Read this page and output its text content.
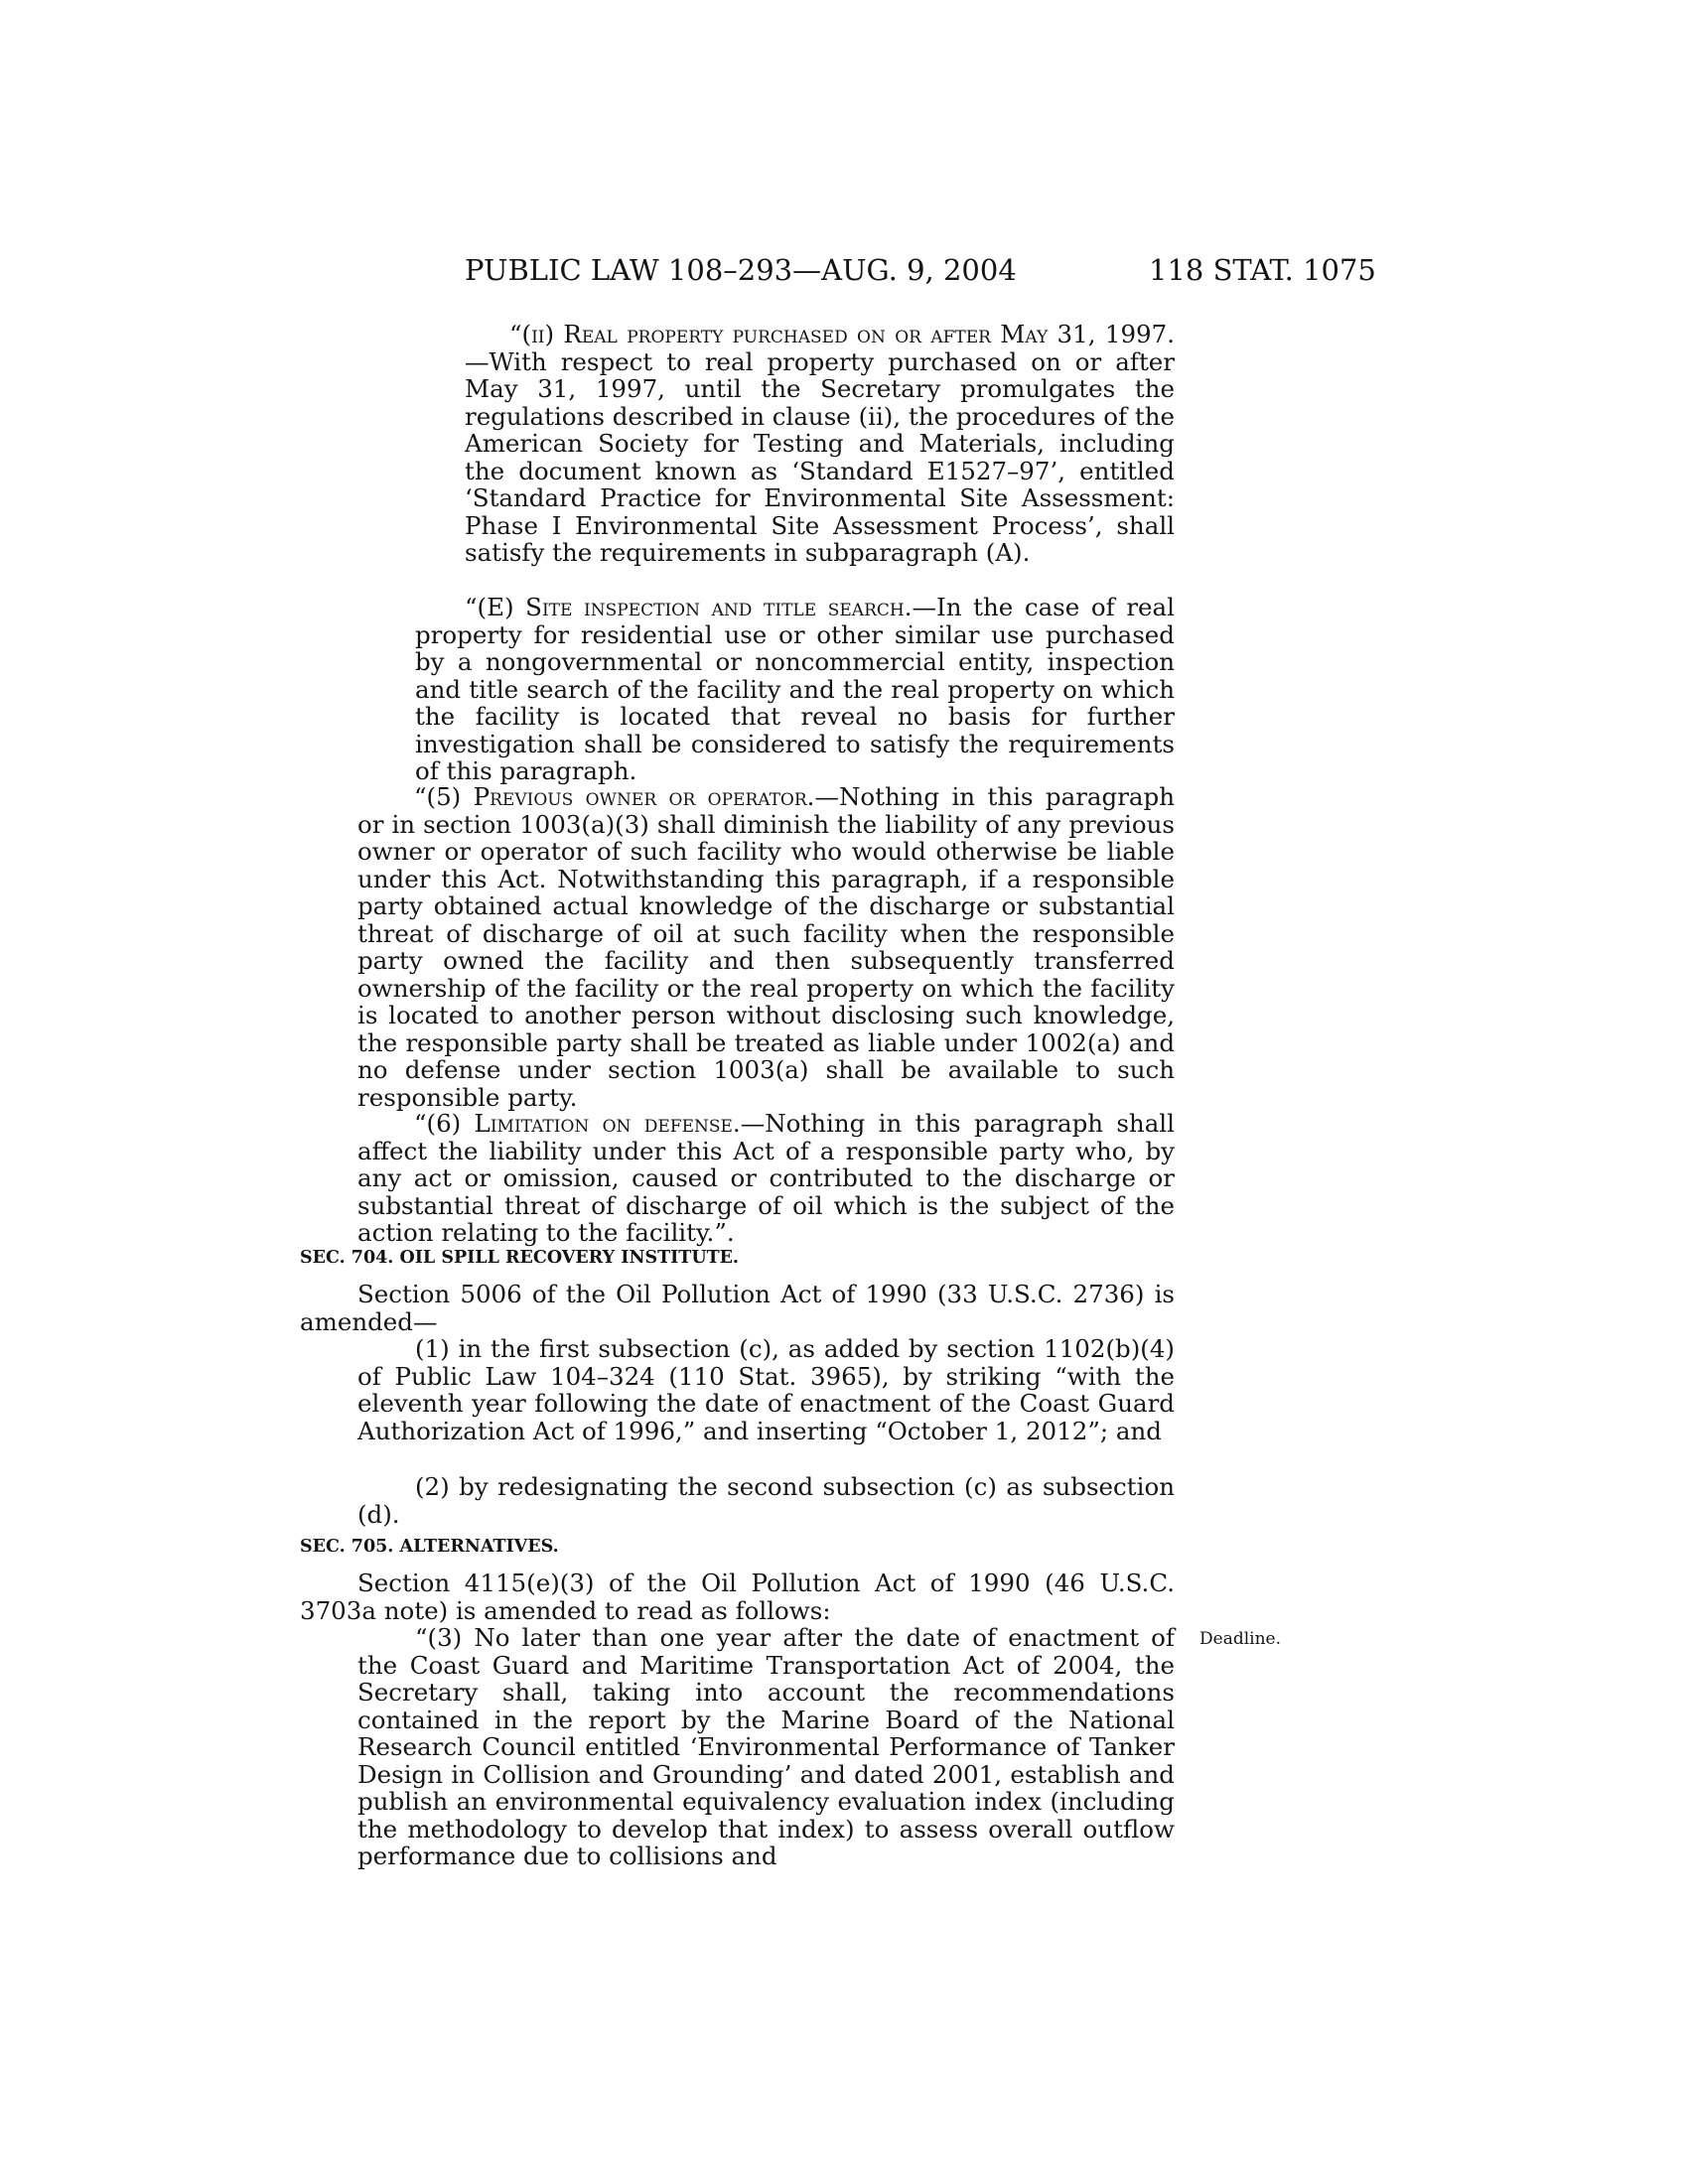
PUBLIC LAW 108–293—AUG. 9, 2004	118 STAT. 1075

“(ii) Real property purchased on or after May 31, 1997.—With respect to real property purchased on or after May 31, 1997, until the Secretary promulgates the regulations described in clause (ii), the procedures of the American Society for Testing and Materials, including the document known as ‘Standard E1527–97’, entitled ‘Standard Practice for Environmental Site Assessment: Phase I Environmental Site Assessment Process’, shall satisfy the requirements in subparagraph (A).

“(E) Site inspection and title search.—In the case of real property for residential use or other similar use purchased by a nongovernmental or noncommercial entity, inspection and title search of the facility and the real property on which the facility is located that reveal no basis for further investigation shall be considered to satisfy the requirements of this paragraph.

“(5) Previous owner or operator.—Nothing in this paragraph or in section 1003(a)(3) shall diminish the liability of any previous owner or operator of such facility who would otherwise be liable under this Act. Notwithstanding this paragraph, if a responsible party obtained actual knowledge of the discharge or substantial threat of discharge of oil at such facility when the responsible party owned the facility and then subsequently transferred ownership of the facility or the real property on which the facility is located to another person without disclosing such knowledge, the responsible party shall be treated as liable under 1002(a) and no defense under section 1003(a) shall be available to such responsible party.

“(6) Limitation on defense.—Nothing in this paragraph shall affect the liability under this Act of a responsible party who, by any act or omission, caused or contributed to the discharge or substantial threat of discharge of oil which is the subject of the action relating to the facility.”.

SEC. 704. OIL SPILL RECOVERY INSTITUTE.

Section 5006 of the Oil Pollution Act of 1990 (33 U.S.C. 2736) is amended—

(1) in the first subsection (c), as added by section 1102(b)(4) of Public Law 104–324 (110 Stat. 3965), by striking “with the eleventh year following the date of enactment of the Coast Guard Authorization Act of 1996,” and inserting “October 1, 2012”; and

(2) by redesignating the second subsection (c) as subsection (d).

SEC. 705. ALTERNATIVES.

Section 4115(e)(3) of the Oil Pollution Act of 1990 (46 U.S.C. 3703a note) is amended to read as follows:

“(3) No later than one year after the date of enactment of the Coast Guard and Maritime Transportation Act of 2004, the Secretary shall, taking into account the recommendations contained in the report by the Marine Board of the National Research Council entitled ‘Environmental Performance of Tanker Design in Collision and Grounding’ and dated 2001, establish and publish an environmental equivalency evaluation index (including the methodology to develop that index) to assess overall outflow performance due to collisions and

Deadline.
